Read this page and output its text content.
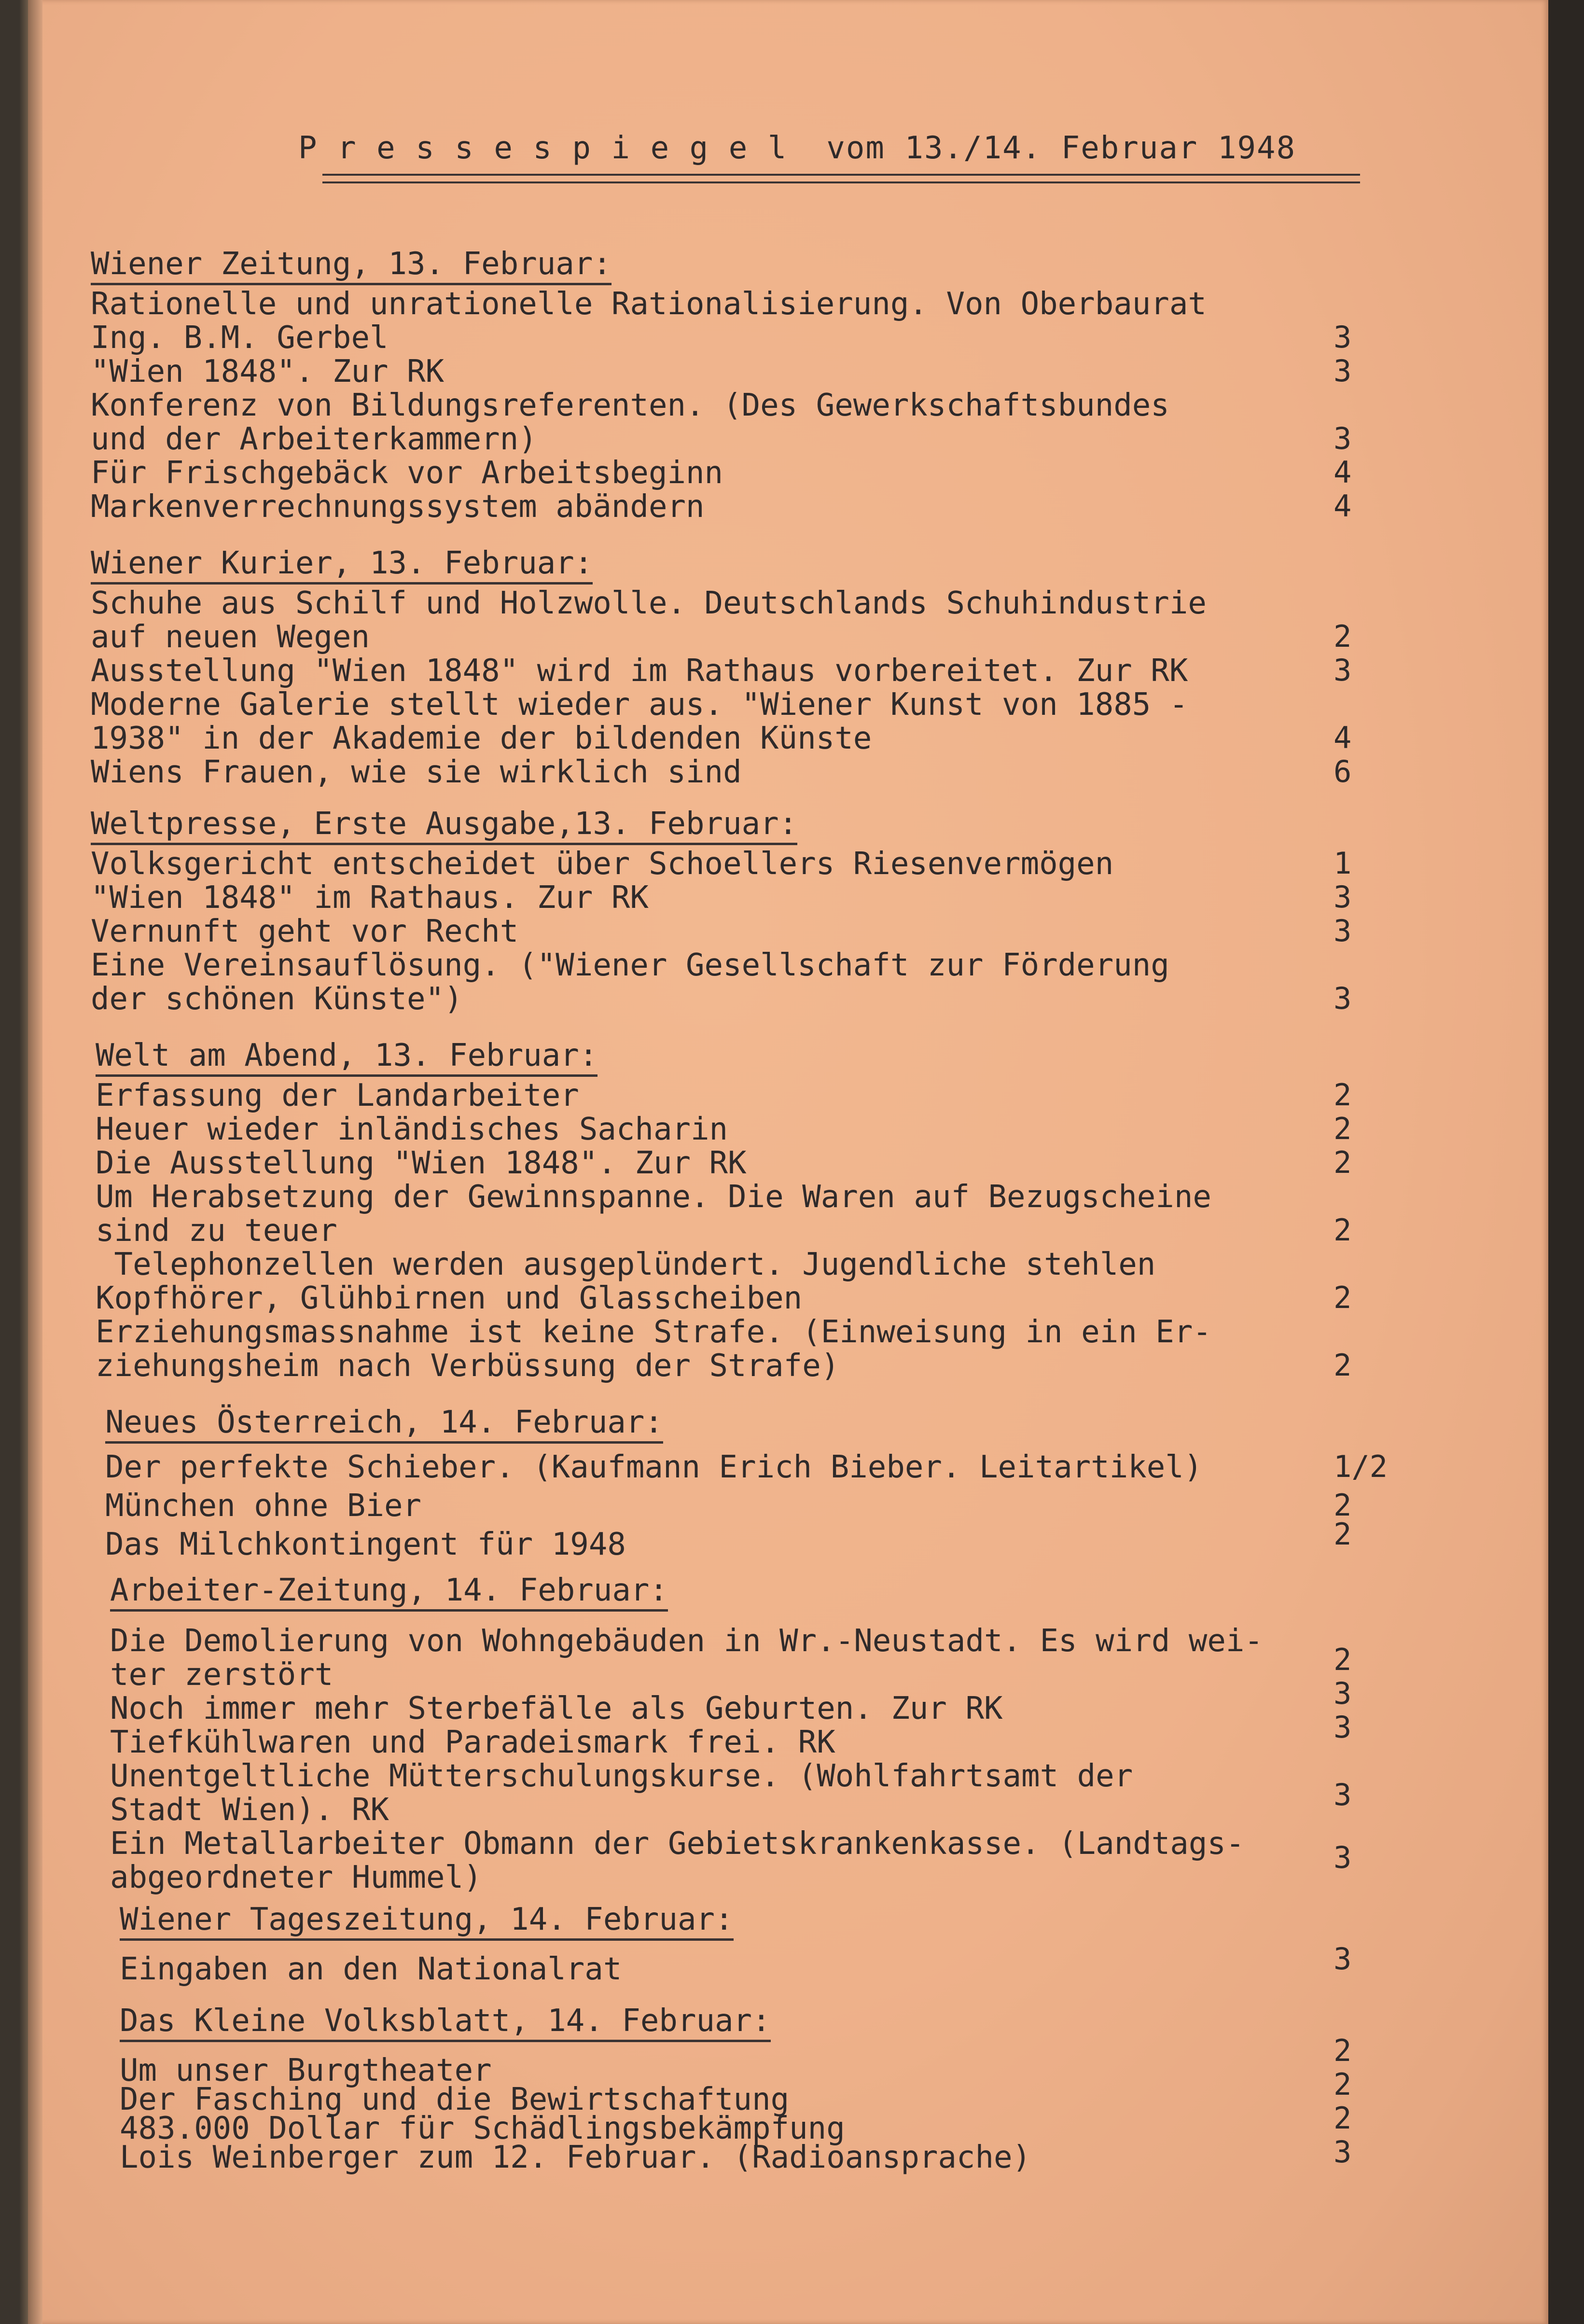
P r e s s e s p i e g e l  vom 13./14. Februar 1948
Wiener Zeitung, 13. Februar:
Rationelle und unrationelle Rationalisierung. Von Oberbaurat
Ing. B.M. Gerbel
"Wien 1848". Zur RK
Konferenz von Bildungsreferenten. (Des Gewerkschaftsbundes
und der Arbeiterkammern)
Für Frischgebäck vor Arbeitsbeginn
Markenverrechnungssystem abändern
3
3
3
4
4
Wiener Kurier, 13. Februar:
Schuhe aus Schilf und Holzwolle. Deutschlands Schuhindustrie
auf neuen Wegen
Ausstellung "Wien 1848" wird im Rathaus vorbereitet. Zur RK
Moderne Galerie stellt wieder aus. "Wiener Kunst von 1885 -
1938" in der Akademie der bildenden Künste
Wiens Frauen, wie sie wirklich sind
2
3
4
6
Weltpresse, Erste Ausgabe,13. Februar:
Volksgericht entscheidet über Schoellers Riesenvermögen
"Wien 1848" im Rathaus. Zur RK
Vernunft geht vor Recht
Eine Vereinsauflösung. ("Wiener Gesellschaft zur Förderung
der schönen Künste")
1
3
3
3
Welt am Abend, 13. Februar:
Erfassung der Landarbeiter
Heuer wieder inländisches Sacharin
Die Ausstellung "Wien 1848". Zur RK
Um Herabsetzung der Gewinnspanne. Die Waren auf Bezugscheine
sind zu teuer
Telephonzellen werden ausgeplündert. Jugendliche stehlen
Kopfhörer, Glühbirnen und Glasscheiben
Erziehungsmassnahme ist keine Strafe. (Einweisung in ein Er-
ziehungsheim nach Verbüssung der Strafe)
2
2
2
2
2
2
Neues Österreich, 14. Februar:
Der perfekte Schieber. (Kaufmann Erich Bieber. Leitartikel)
München ohne Bier
Das Milchkontingent für 1948
1/2
2
2
Arbeiter-Zeitung, 14. Februar:
Die Demolierung von Wohngebäuden in Wr.-Neustadt. Es wird wei-
ter zerstört
Noch immer mehr Sterbefälle als Geburten. Zur RK
Tiefkühlwaren und Paradeismark frei. RK
Unentgeltliche Mütterschulungskurse. (Wohlfahrtsamt der
Stadt Wien). RK
Ein Metallarbeiter Obmann der Gebietskrankenkasse. (Landtags-
abgeordneter Hummel)
2
3
3
3
3
Wiener Tageszeitung, 14. Februar:
Eingaben an den Nationalrat	3
Das Kleine Volksblatt, 14. Februar:
Um unser Burgtheater
Der Fasching und die Bewirtschaftung
483.000 Dollar für Schädlingsbekämpfung
Lois Weinberger zum 12. Februar. (Radioansprache)
2
2
2
3
